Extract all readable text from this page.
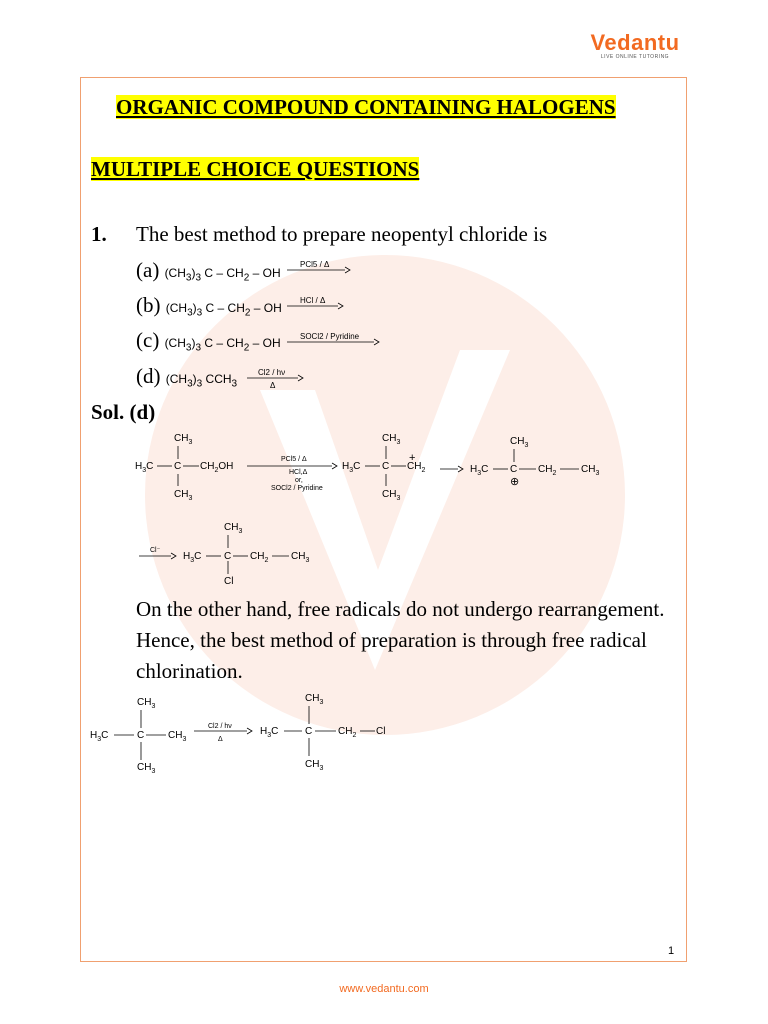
Vedantu
LIVE ONLINE TUTORING
ORGANIC COMPOUND CONTAINING HALOGENS
MULTIPLE CHOICE QUESTIONS
1. The best method to prepare neopentyl chloride is
(a) $(CH_3)_3$ C – $CH_2$ – OH
(b) $(CH_3)_3$ C – $CH_2$ – OH
(c) $(CH_3)_3$ C – $CH_2$ – OH
(d) $(CH_3)_3$ $CCH_3$
Sol. (d)
On the other hand, free radicals do not undergo rearrangement. Hence, the best method of preparation is through free radical chlorination.
PCl5 / Δ
HCl / Δ
SOCl2 / Pyridine
Cl2 / hν
Δ
$CH_3$
$H_3C$ C $CH_2OH$
$CH_3$
PCl5 / Δ
HCl,Δ
or,
SOCl2 / Pyridine
$H_3C$
$CH_3$
C $CH_2$
+
$CH_3$
$H_3C$
$CH_3$
C $CH_2$ $CH_3$
⊕
Cl⁻
$H_3C$
$CH_3$
C $CH_2$ $CH_3$
Cl
$CH_3$
$H_3C$	C $CH_3$
$CH_3$
Cl2 / hν
Δ
$H_3C$
$CH_3$
C	$CH_2$ Cl
$CH_3$
1
www.vedantu.com
